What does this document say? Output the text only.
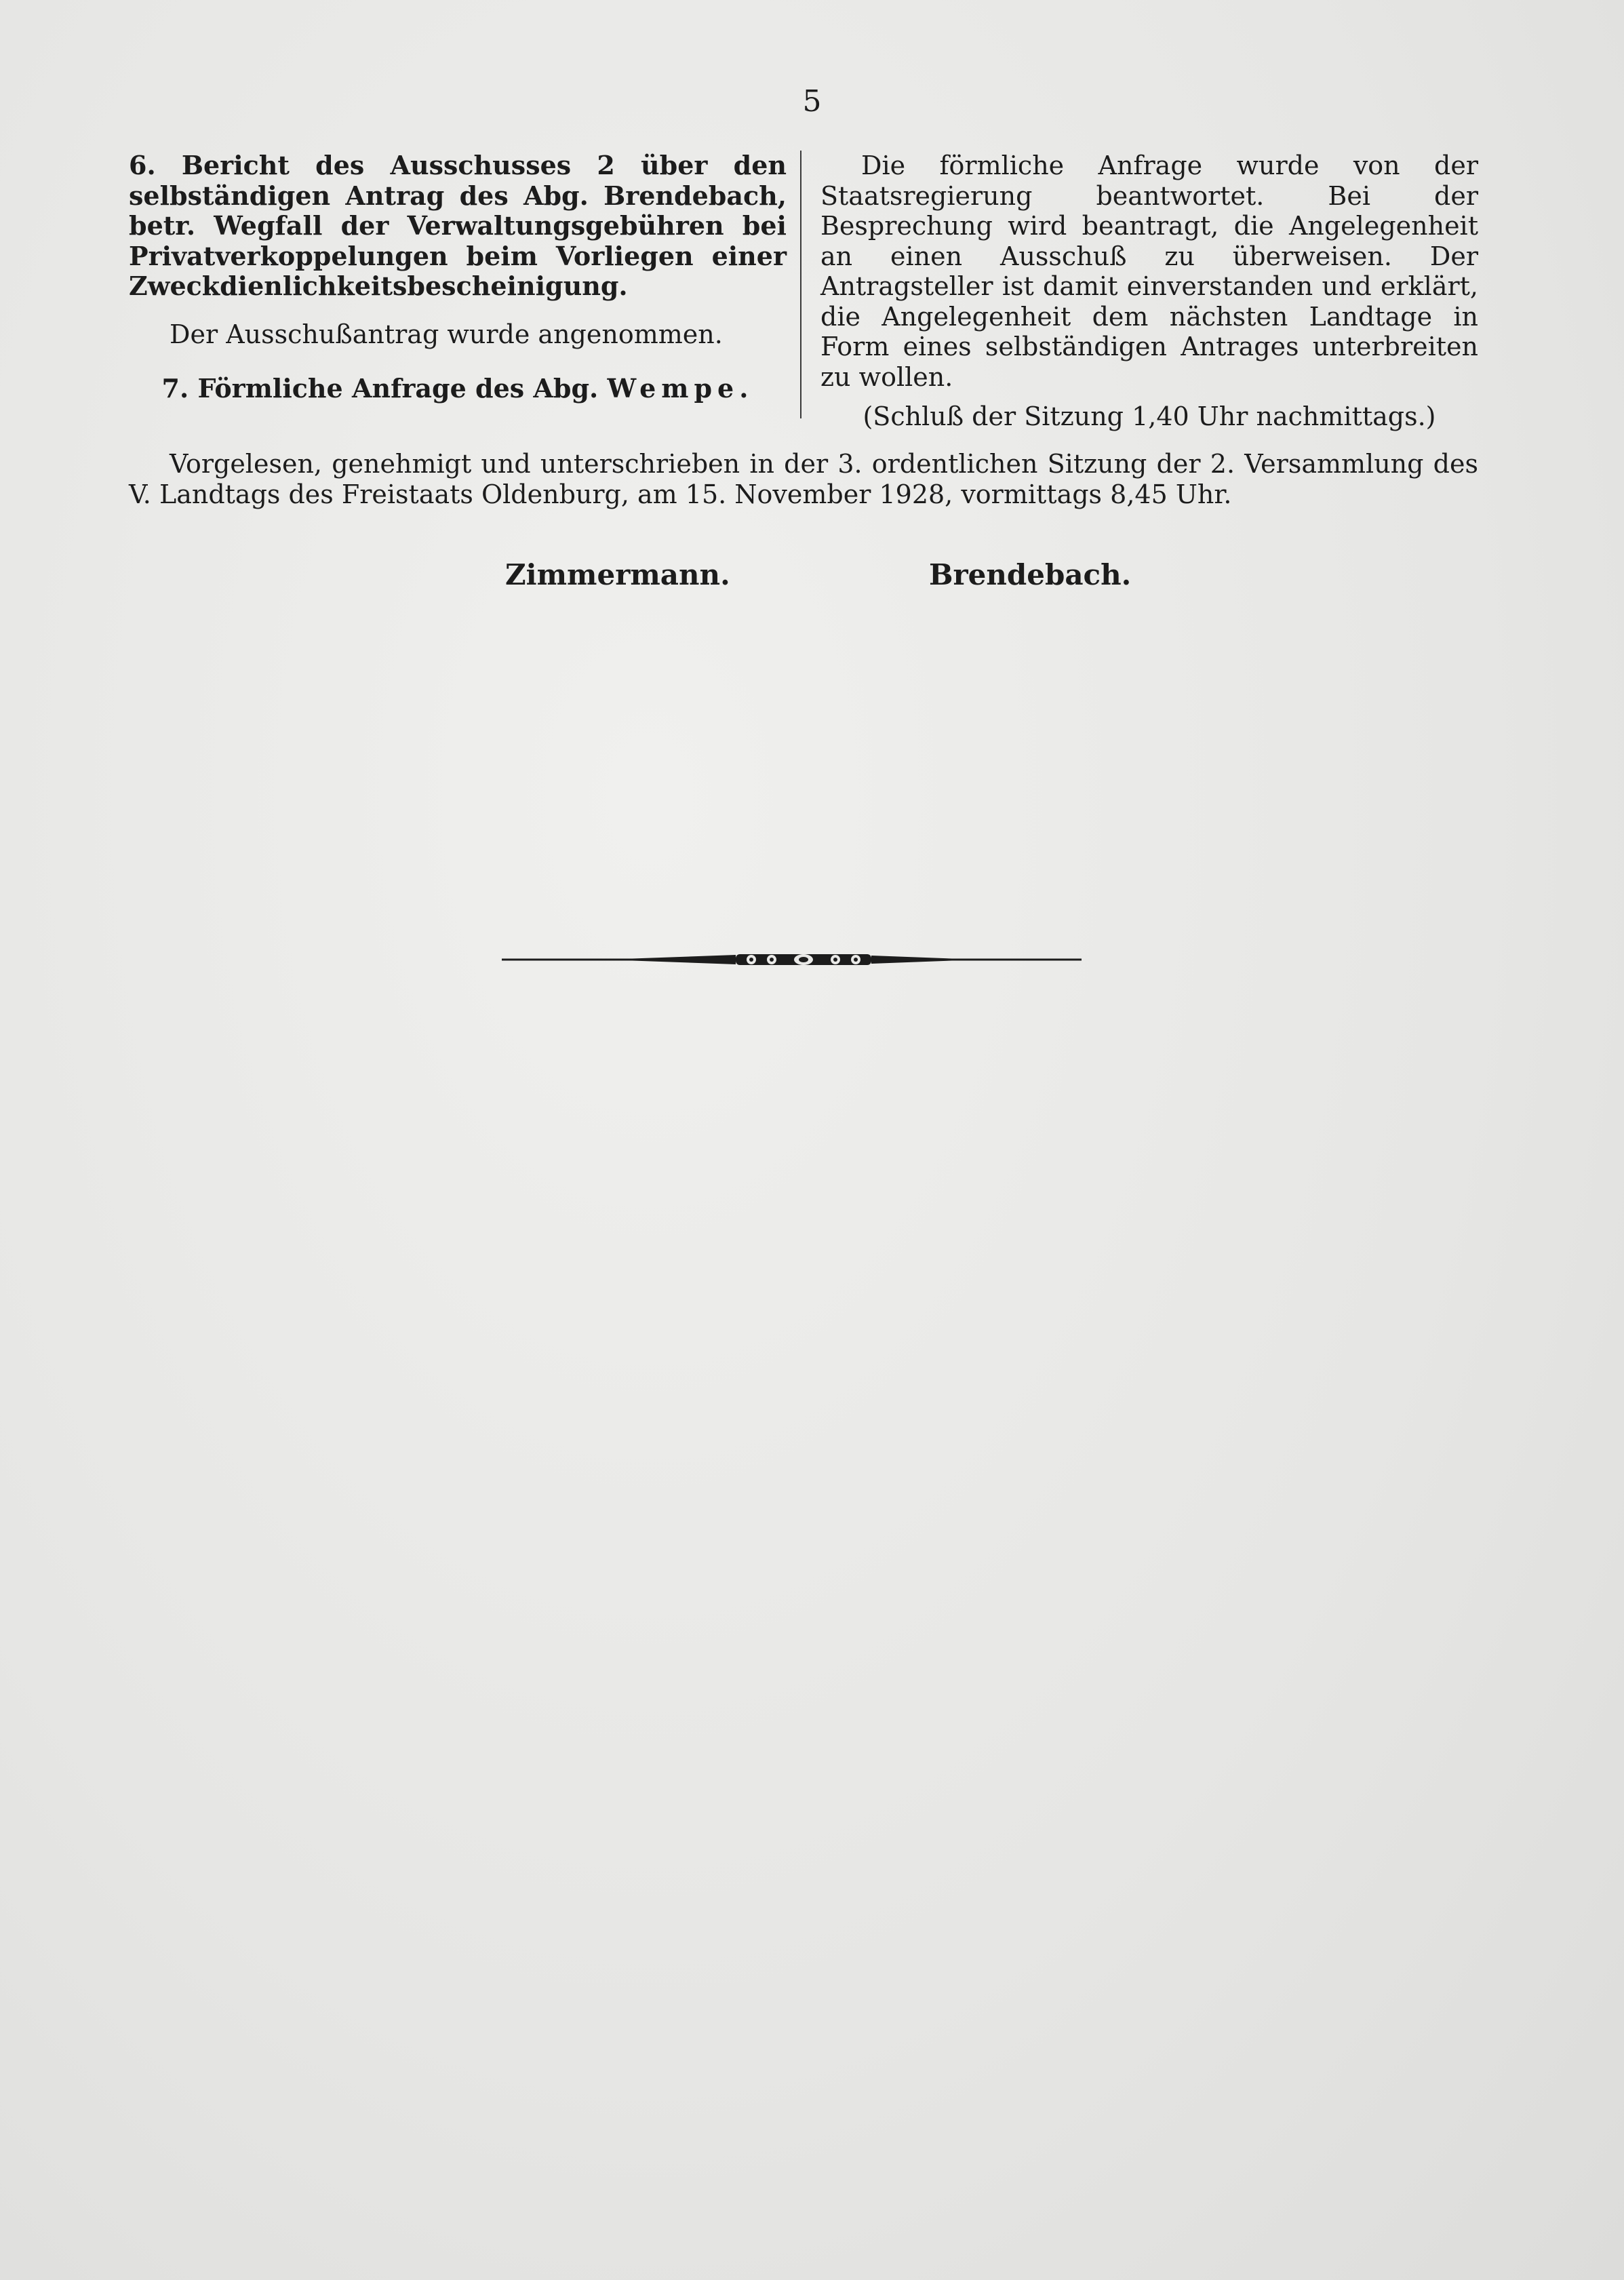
5

6. Bericht des Ausschusses 2 über den selbständigen Antrag des Abg. Brendebach, betr. Wegfall der Verwaltungsgebühren bei Privatverkoppelungen beim Vorliegen einer Zweckdienlichkeitsbescheinigung.

Der Ausschußantrag wurde angenommen.

7. Förmliche Anfrage des Abg. Wempe.

Die förmliche Anfrage wurde von der Staatsregierung beantwortet. Bei der Besprechung wird beantragt, die Angelegenheit an einen Ausschuß zu überweisen. Der Antragsteller ist damit einverstanden und erklärt, die Angelegenheit dem nächsten Landtage in Form eines selbständigen Antrages unterbreiten zu wollen.

(Schluß der Sitzung 1,40 Uhr nachmittags.)

Vorgelesen, genehmigt und unterschrieben in der 3. ordentlichen Sitzung der 2. Versammlung des V. Landtags des Freistaats Oldenburg, am 15. November 1928, vormittags 8,45 Uhr.

Zimmermann.	Brendebach.
